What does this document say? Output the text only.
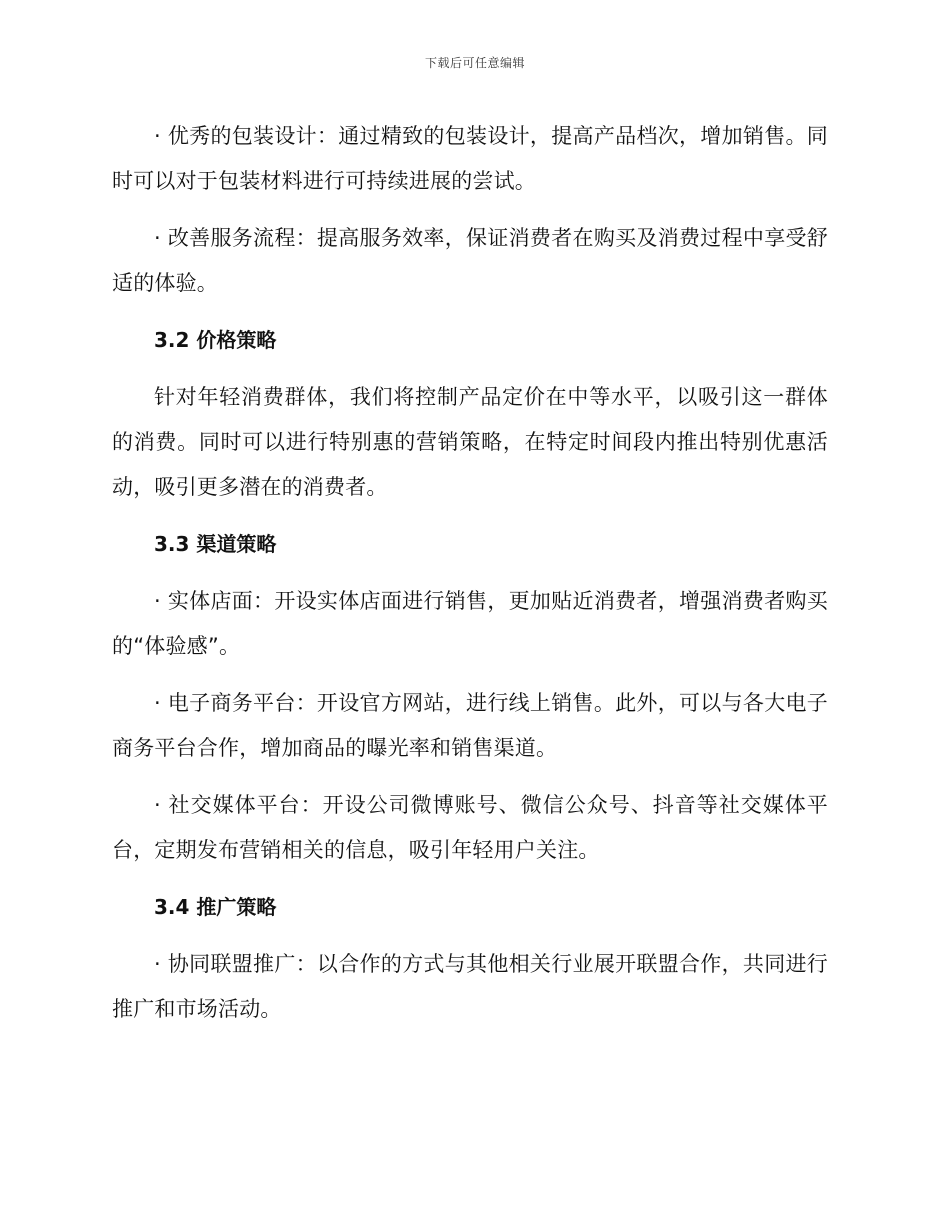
下载后可任意编辑

· 优秀的包装设计：通过精致的包装设计，提高产品档次，增加销售。同时可以对于包装材料进行可持续进展的尝试。

· 改善服务流程：提高服务效率，保证消费者在购买及消费过程中享受舒适的体验。

3.2 价格策略

针对年轻消费群体，我们将控制产品定价在中等水平，以吸引这一群体的消费。同时可以进行特别惠的营销策略，在特定时间段内推出特别优惠活动，吸引更多潜在的消费者。

3.3 渠道策略

· 实体店面：开设实体店面进行销售，更加贴近消费者，增强消费者购买的“体验感”。

· 电子商务平台：开设官方网站，进行线上销售。此外，可以与各大电子商务平台合作，增加商品的曝光率和销售渠道。

· 社交媒体平台：开设公司微博账号、微信公众号、抖音等社交媒体平台，定期发布营销相关的信息，吸引年轻用户关注。

3.4 推广策略

· 协同联盟推广：以合作的方式与其他相关行业展开联盟合作，共同进行推广和市场活动。
